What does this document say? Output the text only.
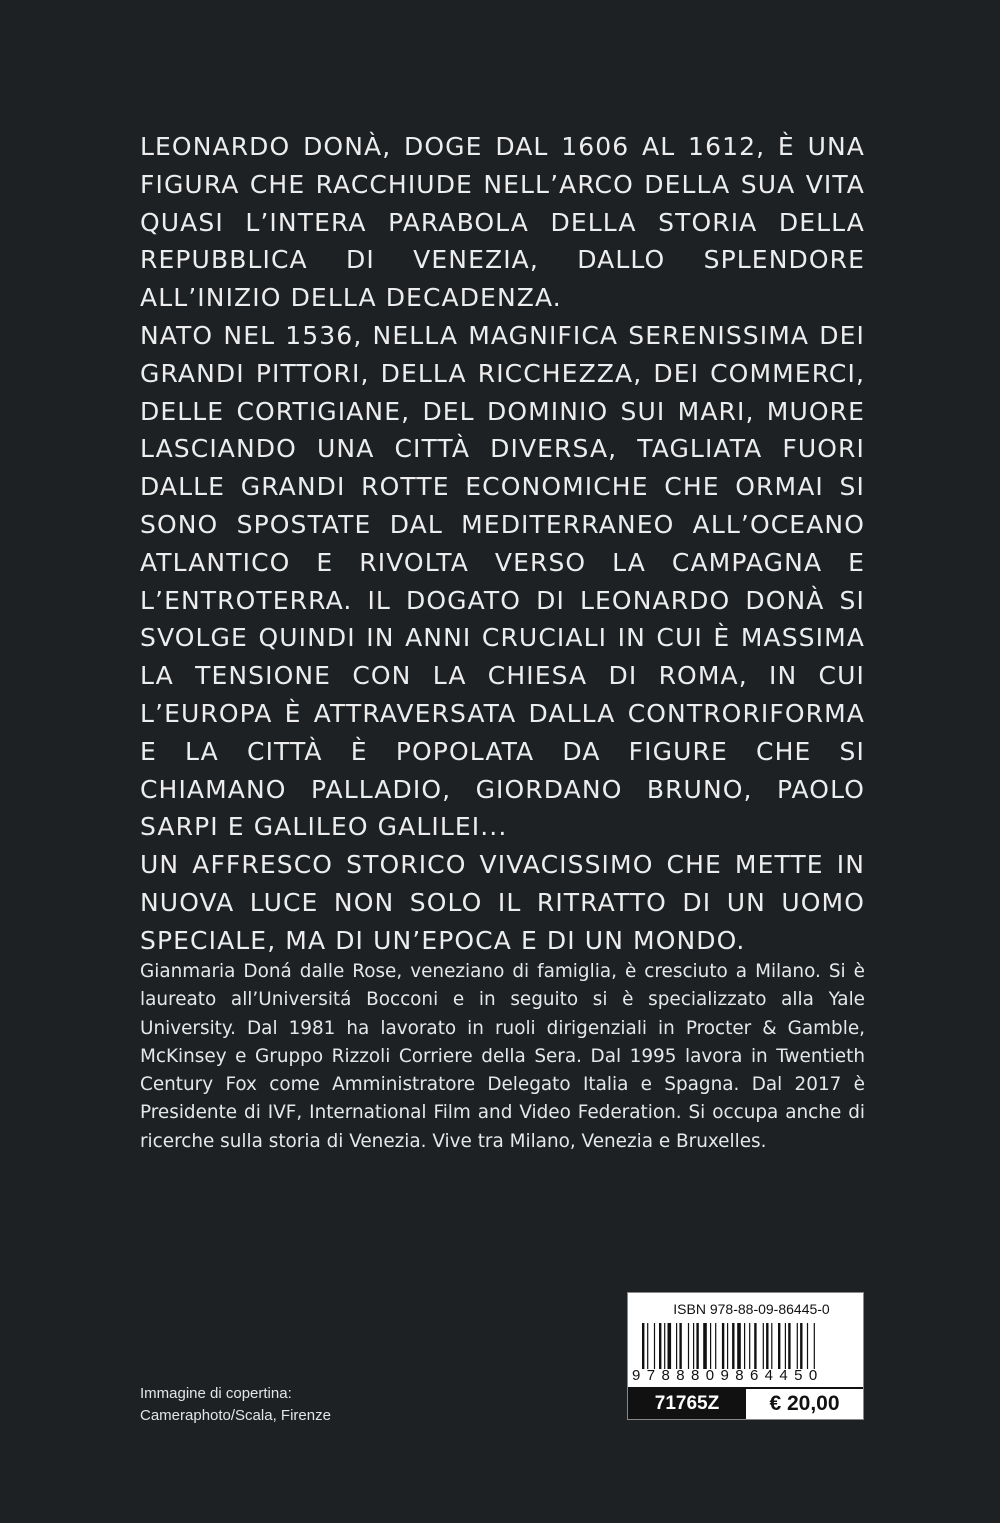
LEONARDO DONÀ, DOGE DAL 1606 AL 1612, È UNA FIGURA CHE RACCHIUDE NELL’ARCO DELLA SUA VITA QUASI L’INTERA PARABOLA DELLA STORIA DELLA REPUBBLICA DI VENEZIA, DALLO SPLENDORE ALL’INIZIO DELLA DECADENZA.

NATO NEL 1536, NELLA MAGNIFICA SERENISSIMA DEI GRANDI PITTORI, DELLA RICCHEZZA, DEI COMMERCI, DELLE CORTIGIANE, DEL DOMINIO SUI MARI, MUORE LASCIANDO UNA CITTÀ DIVERSA, TAGLIATA FUORI DALLE GRANDI ROTTE ECONOMICHE CHE ORMAI SI SONO SPOSTATE DAL MEDITERRANEO ALL’OCEANO ATLANTICO E RIVOLTA VERSO LA CAMPAGNA E L’ENTROTERRA. IL DOGATO DI LEONARDO DONÀ SI SVOLGE QUINDI IN ANNI CRUCIALI IN CUI È MASSIMA LA TENSIONE CON LA CHIESA DI ROMA, IN CUI L’EUROPA È ATTRAVERSATA DALLA CONTRORIFORMA E LA CITTÀ È POPOLATA DA FIGURE CHE SI CHIAMANO PALLADIO, GIORDANO BRUNO, PAOLO SARPI E GALILEO GALILEI...

UN AFFRESCO STORICO VIVACISSIMO CHE METTE IN NUOVA LUCE NON SOLO IL RITRATTO DI UN UOMO SPECIALE, MA DI UN’EPOCA E DI UN MONDO.

Gianmaria Doná dalle Rose, veneziano di famiglia, è cresciuto a Milano. Si è laureato all’Universitá Bocconi e in seguito si è specializzato alla Yale University. Dal 1981 ha lavorato in ruoli dirigenziali in Procter & Gamble, McKinsey e Gruppo Rizzoli Corriere della Sera. Dal 1995 lavora in Twentieth Century Fox come Amministratore Delegato Italia e Spagna. Dal 2017 è Presidente di IVF, International Film and Video Federation. Si occupa anche di ricerche sulla storia di Venezia. Vive tra Milano, Venezia e Bruxelles.

Immagine di copertina:
Cameraphoto/Scala, Firenze
ISBN 978-88-09-86445-0
9788809864450
71765Z	€ 20,00
